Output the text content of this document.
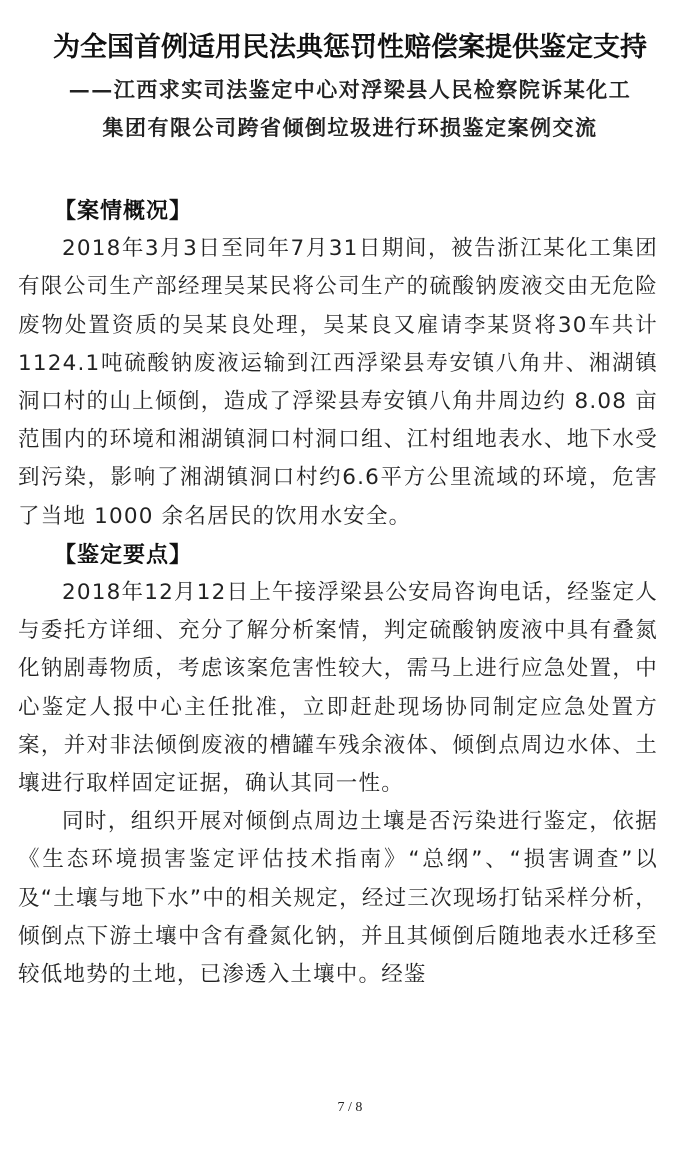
为全国首例适用民法典惩罚性赔偿案提供鉴定支持
——江西求实司法鉴定中心对浮梁县人民检察院诉某化工
集团有限公司跨省倾倒垃圾进行环损鉴定案例交流

【案情概况】

2018年3月3日至同年7月31日期间，被告浙江某化工集团有限公司生产部经理吴某民将公司生产的硫酸钠废液交由无危险废物处置资质的吴某良处理，吴某良又雇请李某贤将30车共计1124.1吨硫酸钠废液运输到江西浮梁县寿安镇八角井、湘湖镇洞口村的山上倾倒，造成了浮梁县寿安镇八角井周边约 8.08 亩范围内的环境和湘湖镇洞口村洞口组、江村组地表水、地下水受到污染，影响了湘湖镇洞口村约6.6平方公里流域的环境，危害了当地 1000 余名居民的饮用水安全。

【鉴定要点】

2018年12月12日上午接浮梁县公安局咨询电话，经鉴定人与委托方详细、充分了解分析案情，判定硫酸钠废液中具有叠氮化钠剧毒物质，考虑该案危害性较大，需马上进行应急处置，中心鉴定人报中心主任批准，立即赶赴现场协同制定应急处置方案，并对非法倾倒废液的槽罐车残余液体、倾倒点周边水体、土壤进行取样固定证据，确认其同一性。

同时，组织开展对倾倒点周边土壤是否污染进行鉴定，依据《生态环境损害鉴定评估技术指南》“总纲”、“损害调查”以及“土壤与地下水”中的相关规定，经过三次现场打钻采样分析，倾倒点下游土壤中含有叠氮化钠，并且其倾倒后随地表水迁移至较低地势的土地，已渗透入土壤中。经鉴

7 / 8
